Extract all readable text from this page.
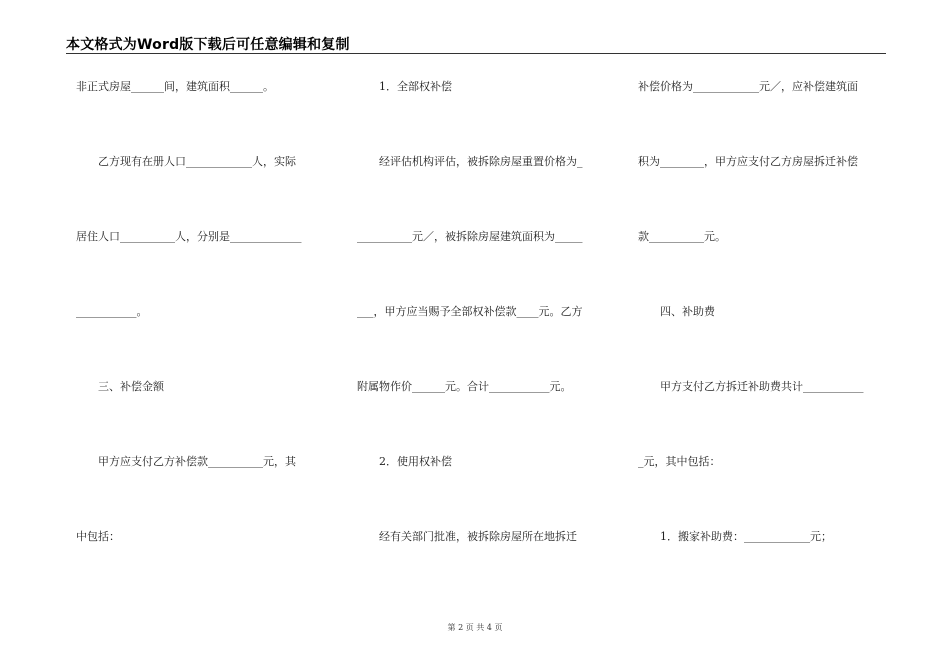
本文格式为Word版下载后可任意编辑和复制
非正式房屋______间，建筑面积______。
　　乙方现有在册人口____________人，实际
居住人口__________人，分别是_____________
___________。
　　三、补偿金额
　　甲方应支付乙方补偿款__________元，其
中包括：
　　1．全部权补偿
　　经评估机构评估，被拆除房屋重置价格为_
__________元／，被拆除房屋建筑面积为_____
___，甲方应当赐予全部权补偿款____元。乙方
附属物作价______元。合计___________元。
　　2．使用权补偿
　　经有关部门批准，被拆除房屋所在地拆迁
补偿价格为____________元／，应补偿建筑面
积为________，甲方应支付乙方房屋拆迁补偿
款__________元。
　　四、补助费
　　甲方支付乙方拆迁补助费共计___________
_元，其中包括：
　　1．搬家补助费：____________元；
第 2 页 共 4 页
